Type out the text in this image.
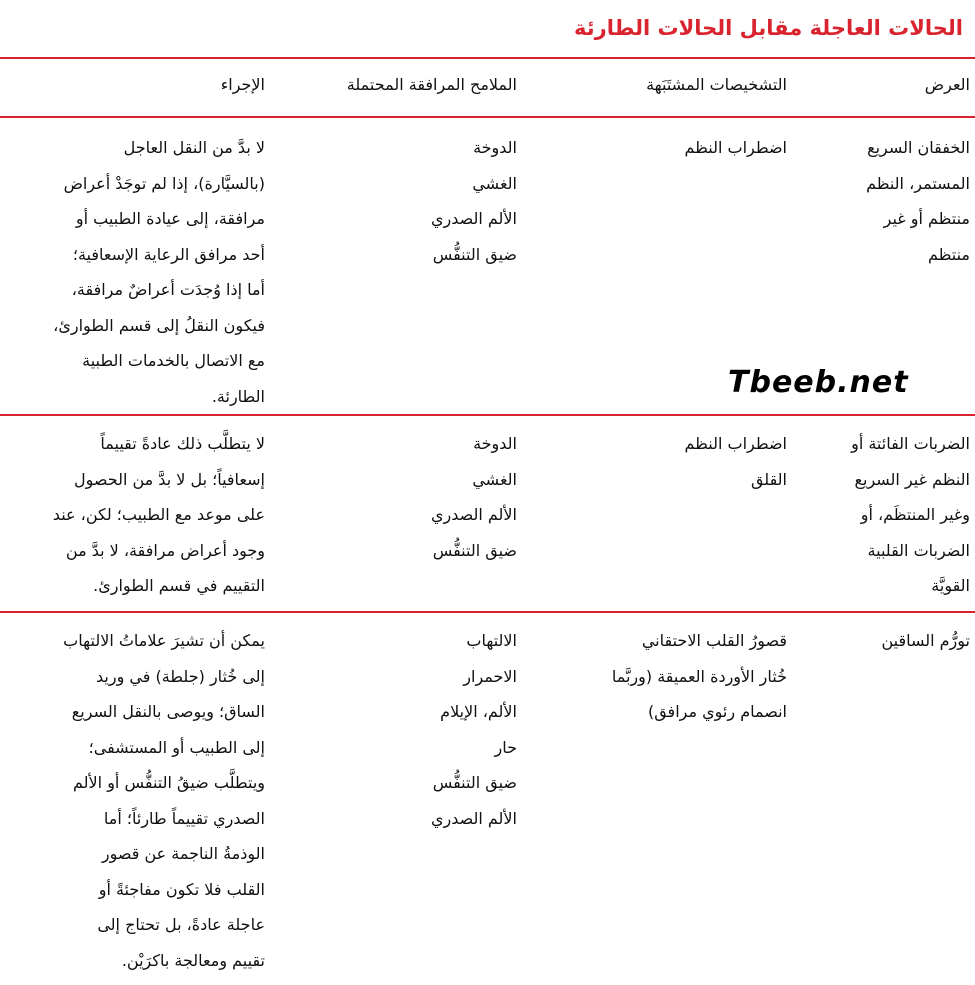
الحالات العاجلة مقابل الحالات الطارئة
العرض
التشخيصات المشتَبَهة
الملامح المرافقة المحتملة
الإجراء
الخفقان السريع
المستمر، النظم
منتظم أو غير
منتظم
اضطراب النظم
الدوخة
الغشي
الألم الصدري
ضيق التنفُّس
لا بدَّ من النقل العاجل
(بالسيَّارة)، إذا لم توجَدْ أعراض
مرافقة، إلى عيادة الطبيب أو
أحد مرافق الرعاية الإسعافية؛
أما إذا وُجدَت أعراضٌ مرافقة،
فيكون النقلُ إلى قسم الطوارئ،
مع الاتصال بالخدمات الطبية
الطارئة.	Tbeeb.net
الضربات الفائتة أو
النظم غير السريع
وغير المنتظَم، أو
الضربات القلبية
القويَّة
اضطراب النظم
القلق
الدوخة
الغشي
الألم الصدري
ضيق التنفُّس
لا يتطلَّب ذلك عادةً تقييماً
إسعافياً؛ بل لا بدَّ من الحصول
على موعد مع الطبيب؛ لكن، عند
وجود أعراض مرافقة، لا بدَّ من
التقييم في قسم الطوارئ.
تورُّم الساقين
قصورُ القلب الاحتقاني
خُثار الأوردة العميقة (وربَّما
انصمام رئوي مرافق)
الالتهاب
الاحمرار
الألم، الإيلام
حار
ضيق التنفُّس
الألم الصدري
يمكن أن تشيرَ علاماتُ الالتهاب
إلى خُثار (جلطة) في وريد
الساق؛ ويوصى بالنقل السريع
إلى الطبيب أو المستشفى؛
ويتطلَّب ضيقُ التنفُّس أو الألم
الصدري تقييماً طارئاً؛ أما
الوذمةُ الناجمة عن قصور
القلب فلا تكون مفاجئةً أو
عاجلة عادةً، بل تحتاج إلى
تقييم ومعالجة باكرَيْن.
